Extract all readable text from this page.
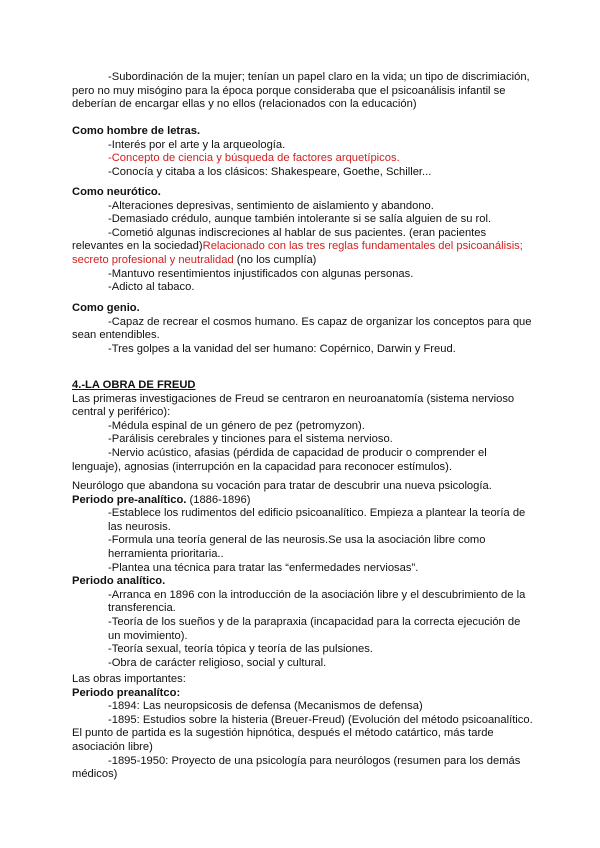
-Subordinación de la mujer; tenían un papel claro en la vida; un tipo de discrimiación, pero no muy misógino para la época porque consideraba que el psicoanálisis infantil se deberían de encargar ellas y no ellos (relacionados con la educación)

Como hombre de letras.

-Interés por el arte y la arqueología.

-Concepto de ciencia y búsqueda de factores arquetípicos.

-Conocía y citaba a los clásicos: Shakespeare, Goethe, Schiller...

Como neurótico.

-Alteraciones depresivas, sentimiento de aislamiento y abandono.

-Demasiado crédulo, aunque también intolerante si se salía alguien de su rol.

-Cometió algunas indiscreciones al hablar de sus pacientes. (eran pacientes relevantes en la sociedad)Relacionado con las tres reglas fundamentales del psicoanálisis; secreto profesional y neutralidad (no los cumplía)

-Mantuvo resentimientos injustificados con algunas personas.

-Adicto al tabaco.

Como genio.

-Capaz de recrear el cosmos humano. Es capaz de organizar los conceptos para que sean entendibles.

-Tres golpes a la vanidad del ser humano: Copérnico, Darwin y Freud.

4.-LA OBRA DE FREUD

Las primeras investigaciones de Freud se centraron en neuroanatomía (sistema nervioso central y periférico):

-Médula espinal de un género de pez (petromyzon).

-Parálisis cerebrales y tinciones para el sistema nervioso.

-Nervio acústico, afasias (pérdida de capacidad de producir o comprender el lenguaje), agnosias (interrupción en la capacidad para reconocer estímulos).

Neurólogo que abandona su vocación para tratar de descubrir una nueva psicología.

Periodo pre-analítico. (1886-1896)

-Establece los rudimentos del edificio psicoanalítico. Empieza a plantear la teoría de las neurosis.

-Formula una teoría general de las neurosis.Se usa la asociación libre como herramienta prioritaria..

-Plantea una técnica para tratar las “enfermedades nerviosas”.

Periodo analítico.

-Arranca en 1896 con la introducción de la asociación libre y el descubrimiento de la transferencia.

-Teoría de los sueños y de la parapraxia (incapacidad para la correcta ejecución de un movimiento).

-Teoría sexual, teoría tópica y teoría de las pulsiones.

-Obra de carácter religioso, social y cultural.

Las obras importantes:

Periodo preanalítco:

-1894: Las neuropsicosis de defensa (Mecanismos de defensa)

-1895: Estudios sobre la histeria (Breuer-Freud) (Evolución del método psicoanalítico. El punto de partida es la sugestión hipnótica, después el método catártico, más tarde asociación libre)

-1895-1950: Proyecto de una psicología para neurólogos (resumen para los demás médicos)
